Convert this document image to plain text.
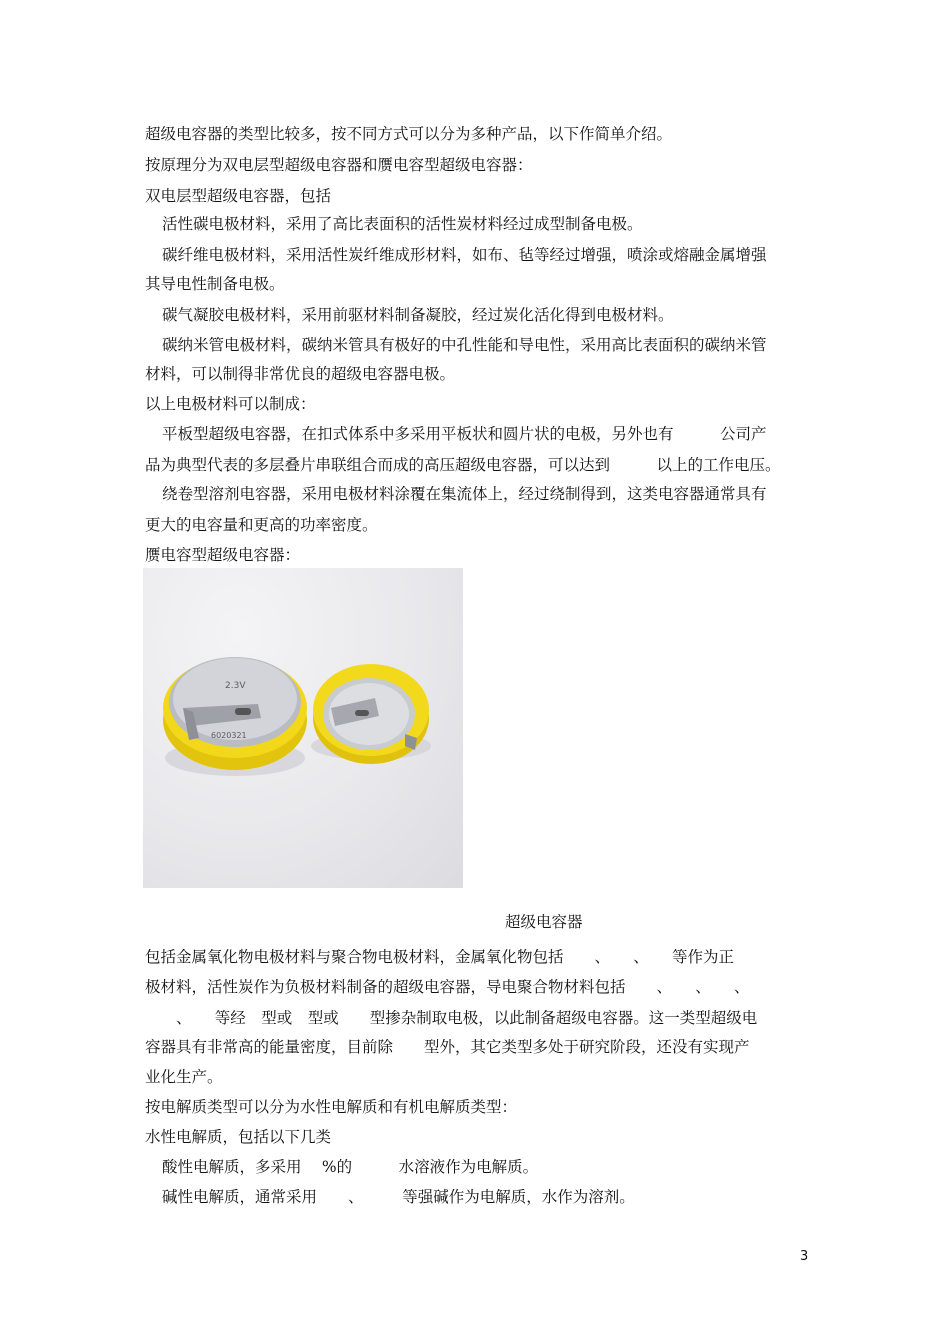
超级电容器的类型比较多，按不同方式可以分为多种产品，以下作简单介绍。
按原理分为双电层型超级电容器和赝电容型超级电容器：
双电层型超级电容器，包括
活性碳电极材料，采用了高比表面积的活性炭材料经过成型制备电极。
碳纤维电极材料，采用活性炭纤维成形材料，如布、毡等经过增强，喷涂或熔融金属增强
其导电性制备电极。
碳气凝胶电极材料，采用前驱材料制备凝胶，经过炭化活化得到电极材料。
碳纳米管电极材料，碳纳米管具有极好的中孔性能和导电性，采用高比表面积的碳纳米管
材料，可以制得非常优良的超级电容器电极。
以上电极材料可以制成：
平板型超级电容器，在扣式体系中多采用平板状和圆片状的电极，另外也有　　　公司产
品为典型代表的多层叠片串联组合而成的高压超级电容器，可以达到　　　以上的工作电压。
绕卷型溶剂电容器，采用电极材料涂覆在集流体上，经过绕制得到，这类电容器通常具有
更大的电容量和更高的功率密度。
赝电容型超级电容器：
2.3V
6020321
超级电容器
包括金属氧化物电极材料与聚合物电极材料，金属氧化物包括　　、　　、　　等作为正
极材料，活性炭作为负极材料制备的超级电容器，导电聚合物材料包括　　、　　、　　、
　　、　　等经　型或　型或　　型掺杂制取电极，以此制备超级电容器。这一类型超级电
容器具有非常高的能量密度，目前除　　型外，其它类型多处于研究阶段，还没有实现产
业化生产。
按电解质类型可以分为水性电解质和有机电解质类型：
水性电解质，包括以下几类
酸性电解质，多采用　 %的　　　水溶液作为电解质。
碱性电解质，通常采用　　、　　　等强碱作为电解质，水作为溶剂。
3
